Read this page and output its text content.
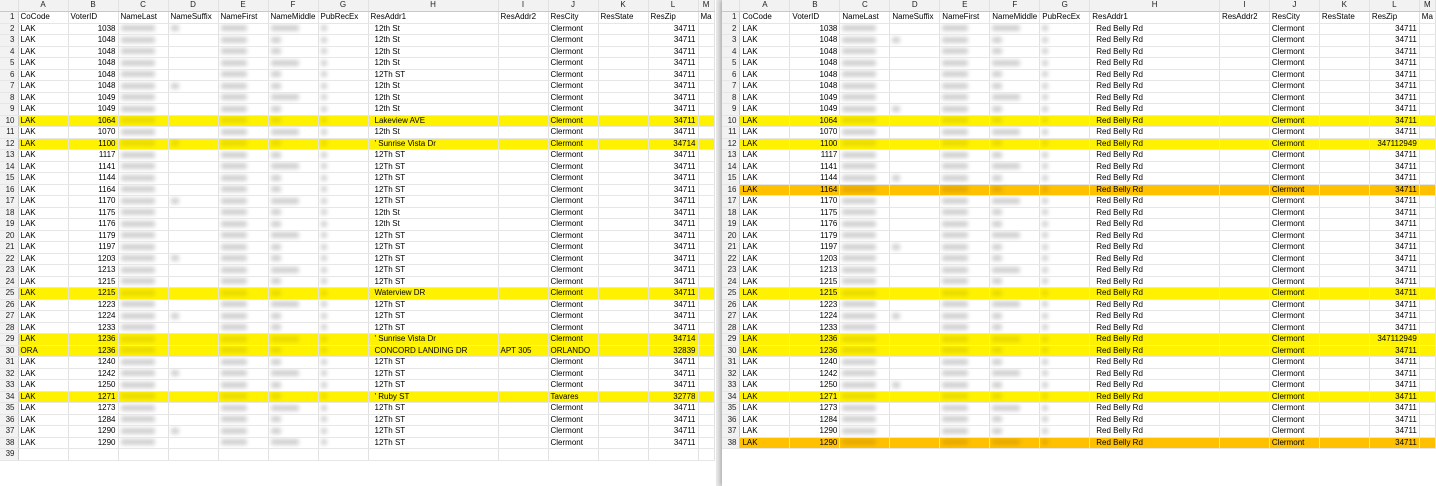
	A	B	C	D	E	F	G	H	I	J	K	L	M
1	CoCode	VoterID	NameLast	NameSuffix	NameFirst	NameMiddle	PubRecEx	ResAddr1	ResAddr2	ResCity	ResState	ResZip	Ma
2	LAK	1038						12th St		Clermont		34711	
3	LAK	1048						12th St		Clermont		34711	
4	LAK	1048						12th St		Clermont		34711	
5	LAK	1048						12th St		Clermont		34711	
6	LAK	1048						12Th ST		Clermont		34711	
7	LAK	1048						12th St		Clermont		34711	
8	LAK	1049						12th St		Clermont		34711	
9	LAK	1049						12th St		Clermont		34711	
10	LAK	1064						Lakeview AVE		Clermont		34711	
11	LAK	1070						12th St		Clermont		34711	
12	LAK	1100						' Sunrise Vista Dr		Clermont		34714	
13	LAK	1117						12Th ST		Clermont		34711	
14	LAK	1141						12Th ST		Clermont		34711	
15	LAK	1144						12Th ST		Clermont		34711	
16	LAK	1164						12Th ST		Clermont		34711	
17	LAK	1170						12Th ST		Clermont		34711	
18	LAK	1175						12th St		Clermont		34711	
19	LAK	1176						12th St		Clermont		34711	
20	LAK	1179						12Th ST		Clermont		34711	
21	LAK	1197						12Th ST		Clermont		34711	
22	LAK	1203						12Th ST		Clermont		34711	
23	LAK	1213						12Th ST		Clermont		34711	
24	LAK	1215						12Th ST		Clermont		34711	
25	LAK	1215						Waterview DR		Clermont		34711	
26	LAK	1223						12Th ST		Clermont		34711	
27	LAK	1224						12Th ST		Clermont		34711	
28	LAK	1233						12Th ST		Clermont		34711	
29	LAK	1236						' Sunrise Vista Dr		Clermont		34714	
30	ORA	1236						CONCORD LANDING DR	APT 305	ORLANDO		32839	
31	LAK	1240						12Th ST		Clermont		34711	
32	LAK	1242						12Th ST		Clermont		34711	
33	LAK	1250						12Th ST		Clermont		34711	
34	LAK	1271						' Ruby ST		Tavares		32778	
35	LAK	1273						12Th ST		Clermont		34711	
36	LAK	1284						12Th ST		Clermont		34711	
37	LAK	1290						12Th ST		Clermont		34711	
38	LAK	1290						12Th ST		Clermont		34711	
39													
	A	B	C	D	E	F	G	H	I	J	K	L	M
1	CoCode	VoterID	NameLast	NameSuffix	NameFirst	NameMiddle	PubRecEx	ResAddr1	ResAddr2	ResCity	ResState	ResZip	Ma
2	LAK	1038						Red Belly Rd		Clermont		34711	
3	LAK	1048						Red Belly Rd		Clermont		34711	
4	LAK	1048						Red Belly Rd		Clermont		34711	
5	LAK	1048						Red Belly Rd		Clermont		34711	
6	LAK	1048						Red Belly Rd		Clermont		34711	
7	LAK	1048						Red Belly Rd		Clermont		34711	
8	LAK	1049						Red Belly Rd		Clermont		34711	
9	LAK	1049						Red Belly Rd		Clermont		34711	
10	LAK	1064						Red Belly Rd		Clermont		34711	
11	LAK	1070						Red Belly Rd		Clermont		34711	
12	LAK	1100						Red Belly Rd		Clermont		347112949	
13	LAK	1117						Red Belly Rd		Clermont		34711	
14	LAK	1141						Red Belly Rd		Clermont		34711	
15	LAK	1144						Red Belly Rd		Clermont		34711	
16	LAK	1164						Red Belly Rd		Clermont		34711	
17	LAK	1170						Red Belly Rd		Clermont		34711	
18	LAK	1175						Red Belly Rd		Clermont		34711	
19	LAK	1176						Red Belly Rd		Clermont		34711	
20	LAK	1179						Red Belly Rd		Clermont		34711	
21	LAK	1197						Red Belly Rd		Clermont		34711	
22	LAK	1203						Red Belly Rd		Clermont		34711	
23	LAK	1213						Red Belly Rd		Clermont		34711	
24	LAK	1215						Red Belly Rd		Clermont		34711	
25	LAK	1215						Red Belly Rd		Clermont		34711	
26	LAK	1223						Red Belly Rd		Clermont		34711	
27	LAK	1224						Red Belly Rd		Clermont		34711	
28	LAK	1233						Red Belly Rd		Clermont		34711	
29	LAK	1236						Red Belly Rd		Clermont		347112949	
30	LAK	1236						Red Belly Rd		Clermont		34711	
31	LAK	1240						Red Belly Rd		Clermont		34711	
32	LAK	1242						Red Belly Rd		Clermont		34711	
33	LAK	1250						Red Belly Rd		Clermont		34711	
34	LAK	1271						Red Belly Rd		Clermont		34711	
35	LAK	1273						Red Belly Rd		Clermont		34711	
36	LAK	1284						Red Belly Rd		Clermont		34711	
37	LAK	1290						Red Belly Rd		Clermont		34711	
38	LAK	1290						Red Belly Rd		Clermont		34711	
